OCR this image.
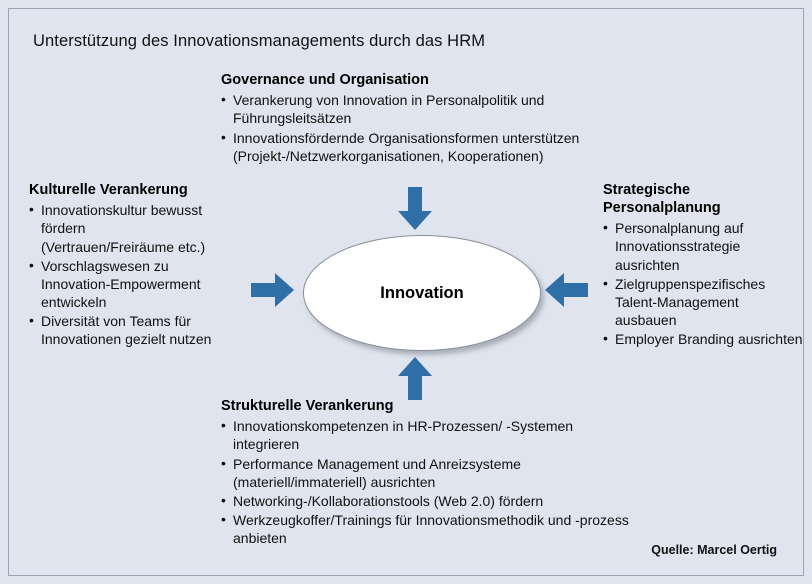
Unterstützung des Innovationsmanagements durch das HRM
Governance und Organisation
• Verankerung von Innovation in Personalpolitik und Führungsleitsätzen
• Innovationsfördernde Organisationsformen unterstützen (Projekt-/Netzwerkorganisationen, Kooperationen)
Kulturelle Verankerung
• Innovationskultur bewusst fördern (Vertrauen/Freiräume etc.)
• Vorschlagswesen zu Innovation-Empowerment entwickeln
• Diversität von Teams für Innovationen gezielt nutzen
Strategische Personalplanung
• Personalplanung auf Innovationsstrategie ausrichten
• Zielgruppenspezifisches Talent-Management ausbauen
• Employer Branding ausrichten
Strukturelle Verankerung
• Innovationskompetenzen in HR-Prozessen/ -Systemen integrieren
• Performance Management und Anreizsysteme (materiell/immateriell) ausrichten
• Networking-/Kollaborationstools (Web 2.0) fördern
• Werkzeugkoffer/Trainings für Innovationsmethodik und -prozess anbieten
Innovation
Quelle: Marcel Oertig
